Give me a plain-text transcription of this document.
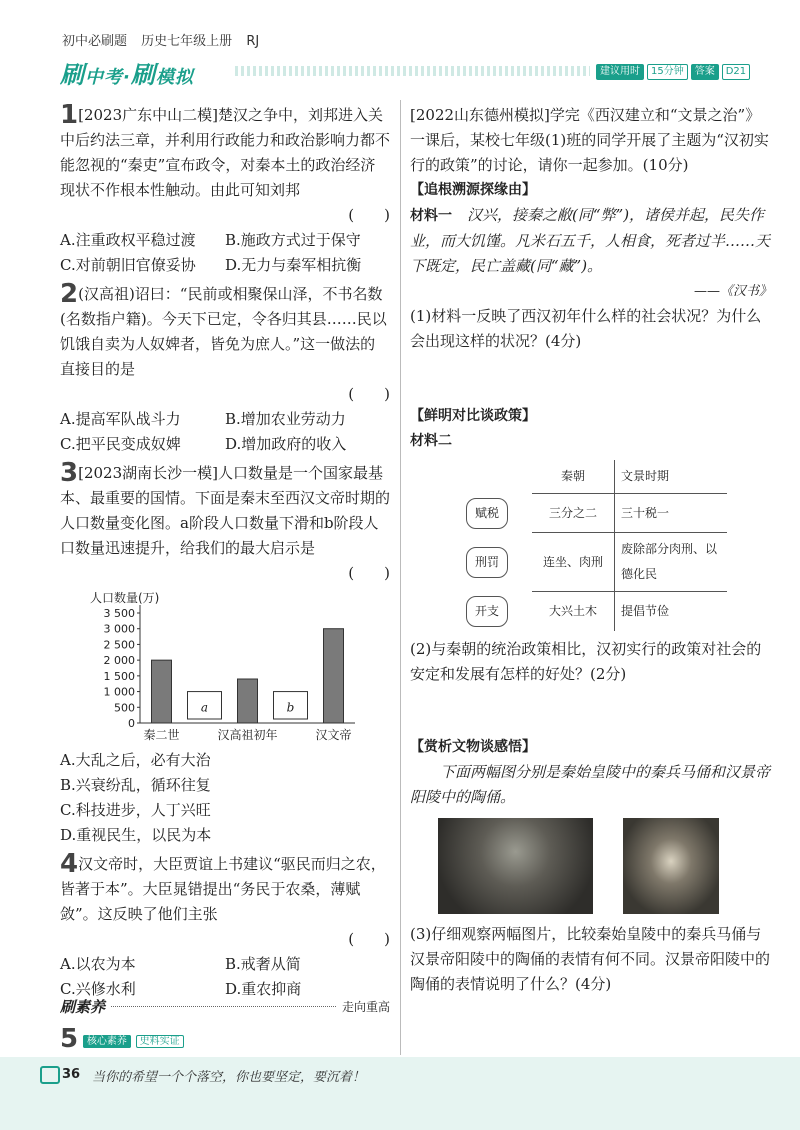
初中必刷题 历史七年级上册 RJ
刷中考·刷模拟	建议用时	15分钟	答案	D21
1[2023广东中山二模]楚汉之争中，刘邦进入关中后约法三章，并利用行政能力和政治影响力都不能忽视的“秦吏”宣布政令，对秦本土的政治经济现状不作根本性触动。由此可知刘邦
(　　)
A.注重政权平稳过渡	B.施政方式过于保守
C.对前朝旧官僚妥协	D.无力与秦军相抗衡
2(汉高祖)诏曰：“民前或相聚保山泽，不书名数(名数指户籍)。今天下已定，令各归其县……民以饥饿自卖为人奴婢者，皆免为庶人。”这一做法的直接目的是
(　　)
A.提高军队战斗力	B.增加农业劳动力
C.把平民变成奴婢	D.增加政府的收入
3[2023湖南长沙一模]人口数量是一个国家最基本、最重要的国情。下面是秦末至西汉文帝时期的人口数量变化图。a阶段人口数量下滑和b阶段人口数量迅速提升，给我们的最大启示是
(　　)
人口数量(万)
0
500
1 000
1 500
2 000
2 500
3 000
3 500
秦二世
a
汉高祖初年
b
汉文帝
A.大乱之后，必有大治
B.兴衰纷乱，循环往复
C.科技进步，人丁兴旺
D.重视民生，以民为本
4汉文帝时，大臣贾谊上书建议“驱民而归之农，皆著于本”。大臣晁错提出“务民于农桑，薄赋敛”。这反映了他们主张
(　　)
A.以农为本	B.戒奢从简
C.兴修水利	D.重农抑商
刷素养	走向重高
5 核心素养 史料实证
[2022山东德州模拟]学完《西汉建立和“文景之治”》一课后，某校七年级(1)班的同学开展了主题为“汉初实行的政策”的讨论，请你一起参加。(10分)
【追根溯源探缘由】
材料一　 汉兴，接秦之敝(同“弊”)，诸侯并起，民失作业，而大饥馑。凡米石五千，人相食，死者过半……天下既定，民亡盖藏(同“藏”)。
——《汉书》
(1)材料一反映了西汉初年什么样的社会状况？为什么会出现这样的状况？(4分)
【鲜明对比谈政策】
材料二
	秦朝	文景时期
赋税	三分之二	三十税一
刑罚	连坐、肉刑	废除部分肉刑、以德化民
开支	大兴土木	提倡节俭
(2)与秦朝的统治政策相比，汉初实行的政策对社会的安定和发展有怎样的好处？(2分)
【赏析文物谈感悟】
下面两幅图分别是秦始皇陵中的秦兵马俑和汉景帝阳陵中的陶俑。
(3)仔细观察两幅图片，比较秦始皇陵中的秦兵马俑与汉景帝阳陵中的陶俑的表情有何不同。汉景帝阳陵中的陶俑的表情说明了什么？(4分)
36 当你的希望一个个落空，你也要坚定，要沉着！
